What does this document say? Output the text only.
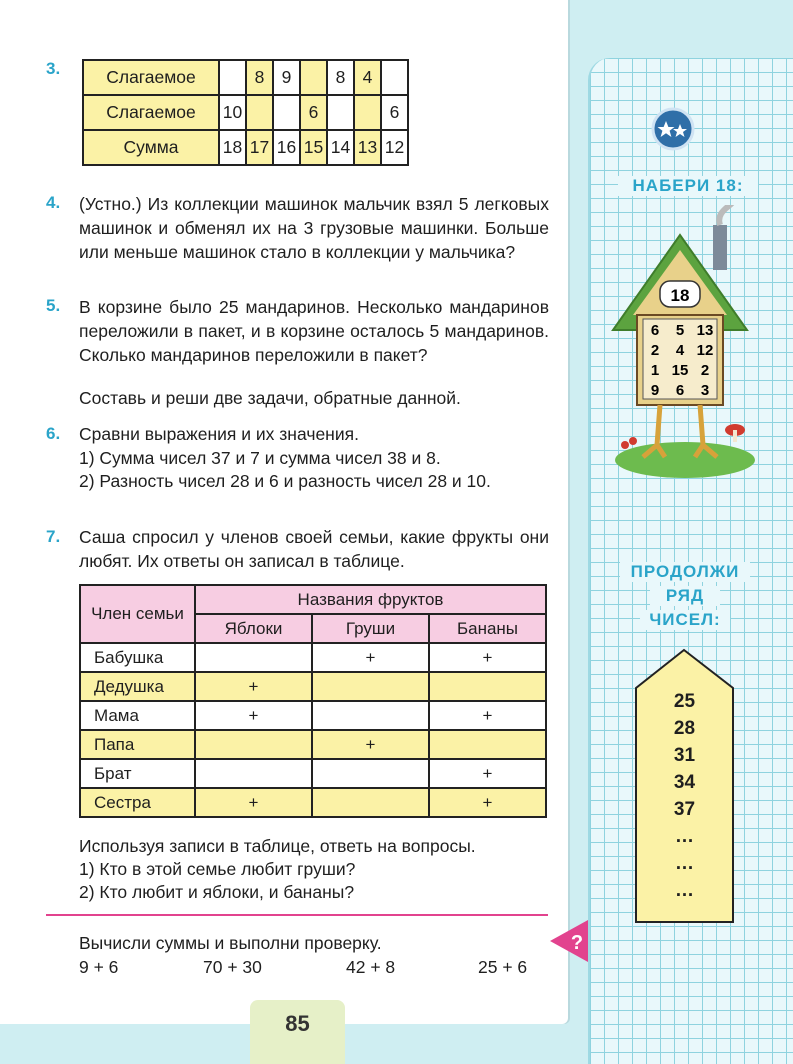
3.	Слагаемое		8	9		8	4	
Слагаемое	10			6			6
Сумма	18	17	16	15	14	13	12
4. (Устно.) Из коллекции машинок мальчик взял 5 легковых машинок и обменял их на 3 грузовые машинки. Больше или меньше машинок стало в коллекции у мальчика?
5. В корзине было 25 мандаринов. Несколько мандаринов переложили в пакет, и в корзине осталось 5 мандаринов. Сколько мандаринов переложили в пакет?
Составь и реши две задачи, обратные данной.
6. Сравни выражения и их значения.
1) Сумма чисел 37 и 7 и сумма чисел 38 и 8.
2) Разность чисел 28 и 6 и разность чисел 28 и 10.
7. Саша спросил у членов своей семьи, какие фрукты они любят. Их ответы он записал в таблице.
Член семьи	Названия фруктов		
	Яблоки	Груши	Бананы
Бабушка		+	+
Дедушка	+		
Мама	+		+
Папа		+	
Брат			+
Сестра	+		+
Используя записи в таблице, ответь на вопросы.
1) Кто в этой семье любит груши?
2) Кто любит и яблоки, и бананы?
Вычисли суммы и выполни проверку.
9 + 6	70 + 30	42 + 8	25 + 6
?
85
НАБЕРИ 18:
18
6 5 13
2 4 12
1 15 2
9 6 3
ПРОДОЛЖИ
РЯД
ЧИСЕЛ:
25
28
31
34
37
…
…
…
